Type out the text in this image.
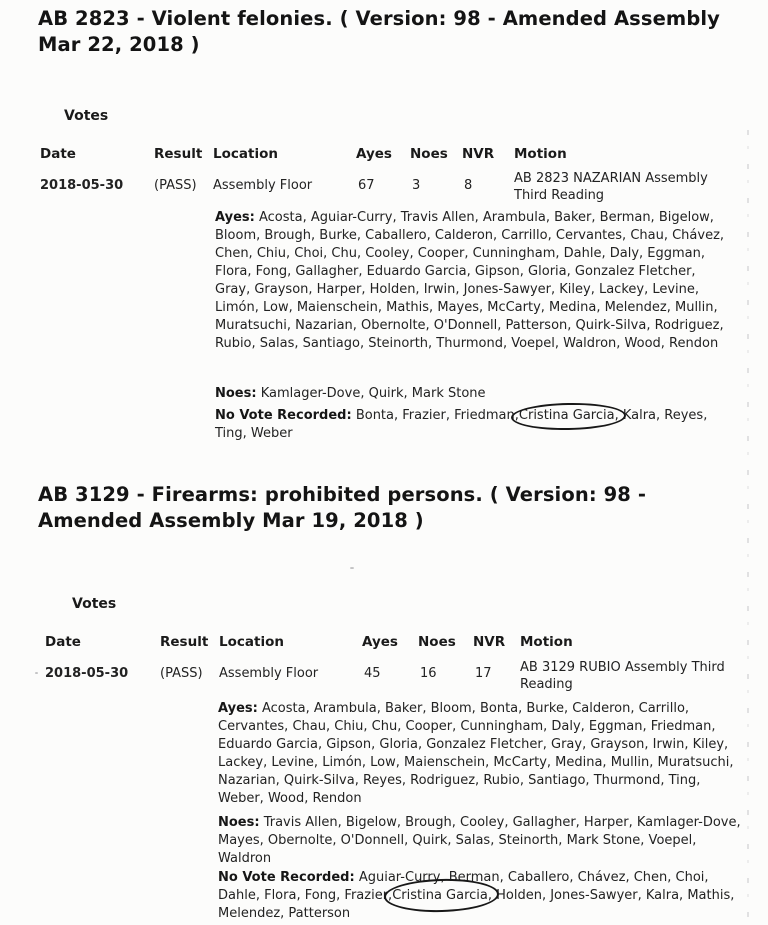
AB 2823 - Violent felonies. ( Version: 98 - Amended Assembly
Mar 22, 2018 )
Votes
Date	Result Location	Ayes Noes NVR Motion
2018-05-30 (PASS) Assembly Floor	67	3	8	AB 2823 NAZARIAN Assembly Third Reading
Ayes: Acosta, Aguiar-Curry, Travis Allen, Arambula, Baker, Berman, Bigelow, Bloom, Brough, Burke, Caballero, Calderon, Carrillo, Cervantes, Chau, Chávez, Chen, Chiu, Choi, Chu, Cooley, Cooper, Cunningham, Dahle, Daly, Eggman, Flora, Fong, Gallagher, Eduardo Garcia, Gipson, Gloria, Gonzalez Fletcher, Gray, Grayson, Harper, Holden, Irwin, Jones-Sawyer, Kiley, Lackey, Levine, Limón, Low, Maienschein, Mathis, Mayes, McCarty, Medina, Melendez, Mullin, Muratsuchi, Nazarian, Obernolte, O'Donnell, Patterson, Quirk-Silva, Rodriguez, Rubio, Salas, Santiago, Steinorth, Thurmond, Voepel, Waldron, Wood, Rendon
Noes: Kamlager-Dove, Quirk, Mark Stone
No Vote Recorded: Bonta, Frazier, Friedman,Cristina Garcia, Kalra, Reyes, Ting, Weber
AB 3129 - Firearms: prohibited persons. ( Version: 98 -
Amended Assembly Mar 19, 2018 )
Votes
Date	Result Location	Ayes Noes NVR Motion
2018-05-30 (PASS) Assembly Floor	45	16	17 AB 3129 RUBIO Assembly Third Reading
Ayes: Acosta, Arambula, Baker, Bloom, Bonta, Burke, Calderon, Carrillo, Cervantes, Chau, Chiu, Chu, Cooper, Cunningham, Daly, Eggman, Friedman, Eduardo Garcia, Gipson, Gloria, Gonzalez Fletcher, Gray, Grayson, Irwin, Kiley, Lackey, Levine, Limón, Low, Maienschein, McCarty, Medina, Mullin, Muratsuchi, Nazarian, Quirk-Silva, Reyes, Rodriguez, Rubio, Santiago, Thurmond, Ting, Weber, Wood, Rendon
Noes: Travis Allen, Bigelow, Brough, Cooley, Gallagher, Harper, Kamlager-Dove, Mayes, Obernolte, O'Donnell, Quirk, Salas, Steinorth, Mark Stone, Voepel, Waldron
No Vote Recorded: Aguiar-Curry, Berman, Caballero, Chávez, Chen, Choi, Dahle, Flora, Fong, Frazier,Cristina Garcia, Holden, Jones-Sawyer, Kalra, Mathis, Melendez, Patterson
